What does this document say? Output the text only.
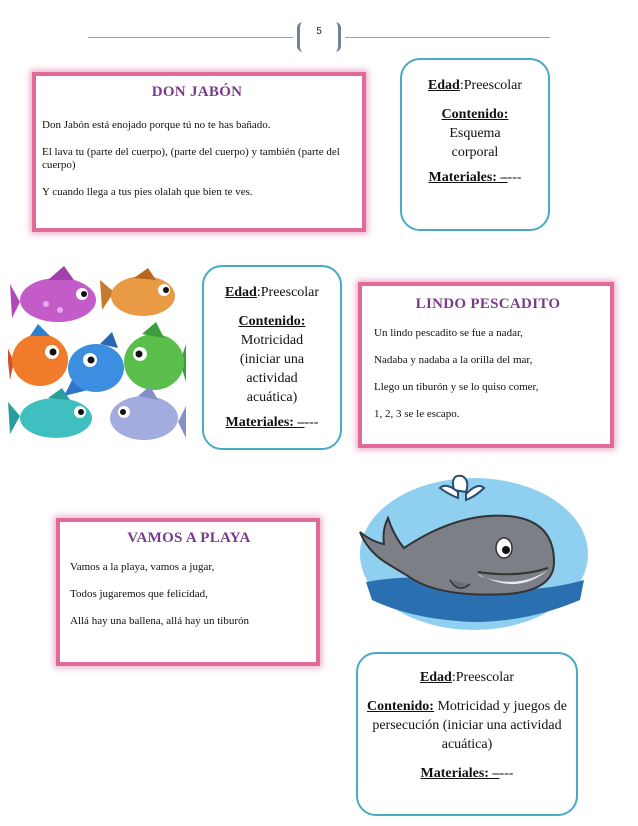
5
DON JABÓN

Don Jabón está enojado porque tú no te has bañado.

El lava tu (parte del cuerpo), (parte del cuerpo) y también (parte del cuerpo)

Y cuando llega a tus pies olalah que bien te ves.

Edad:Preescolar
Contenido:
Esquema corporal
Materiales: –---
Edad:Preescolar
Contenido:
Motricidad (iniciar una actividad acuática)
Materiales: –---
LINDO PESCADITO

Un lindo pescadito se fue a nadar,

Nadaba y nadaba a la orilla del mar,

Llego un tiburón y se lo quiso comer,

1, 2, 3 se le escapo.

VAMOS A PLAYA

Vamos a la playa, vamos a jugar,

Todos jugaremos que felicidad,

Allá hay una ballena, allá hay un tiburón

Edad:Preescolar
Contenido: Motricidad y juegos de persecución (iniciar una actividad acuática)
Materiales: –---
